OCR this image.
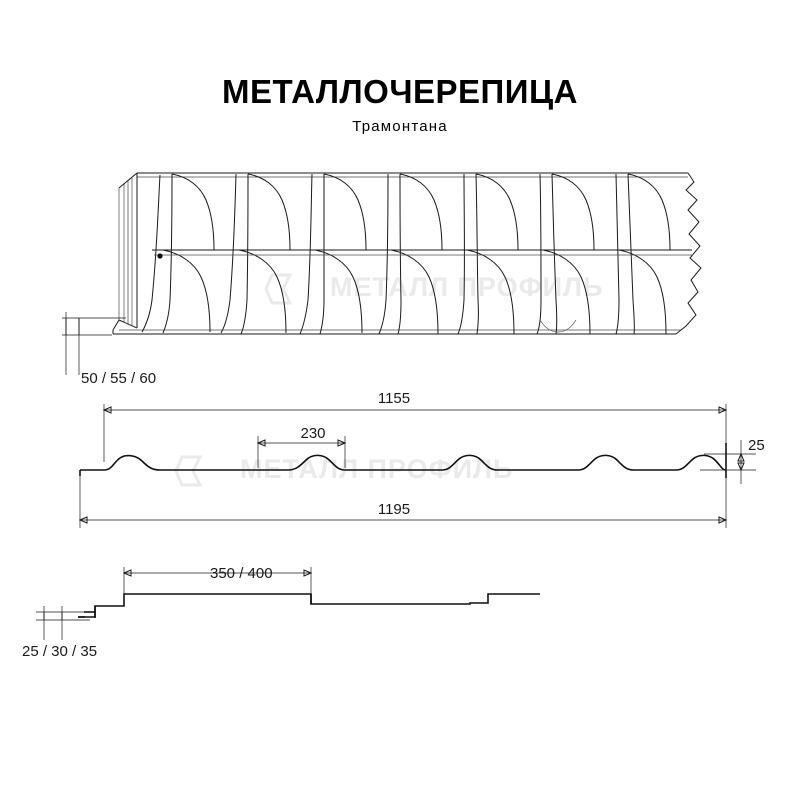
МЕТАЛЛОЧЕРЕПИЦА
Трамонтана
МЕТАЛЛ ПРОФИЛЬ
МЕТАЛЛ ПРОФИЛЬ
50 / 55 / 60
1155
230
25
1195
350 / 400
25 / 30 / 35
